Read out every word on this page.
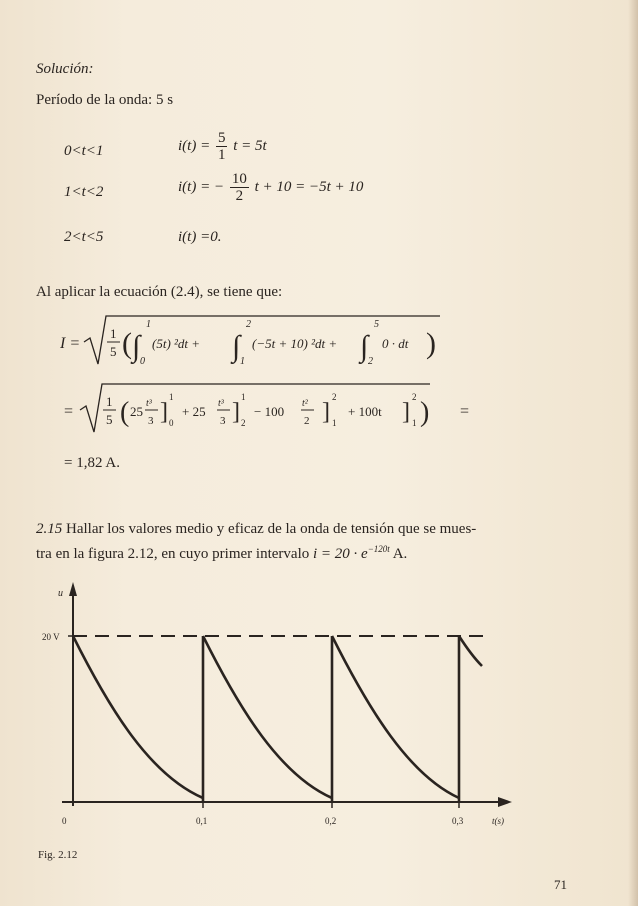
Solución:
Período de la onda: 5 s
0<t<1	$i(t) = \frac{5}{1}$ t = 5t
1<t<2	i(t) = − $\frac{10}{2}$ t + 10 = −5t + 10
2<t<5	i(t) =0.
Al aplicar la ecuación (2.4), se tiene que:
I =
1
5 ( ∫
1
0
(5t) ²dt + ∫
2
1
(−5t + 10) ²dt + ∫
5
2
0 · dt )
=
1
5 ( 25
t³
3 ]
1
0
+ 25
t³
3 ]
1
2
− 100
t²
2 ]
2
1
+ 100t ]
2
1 ) =
= 1,82 A.
2.15 Hallar los valores medio y eficaz de la onda de tensión que se mues-
tra en la figura 2.12, en cuyo primer intervalo $i = 20 \cdot e^{-120t}$ A.
u
20 V
0	0,1	0,2	0,3	t(s)
Fig. 2.12
71
